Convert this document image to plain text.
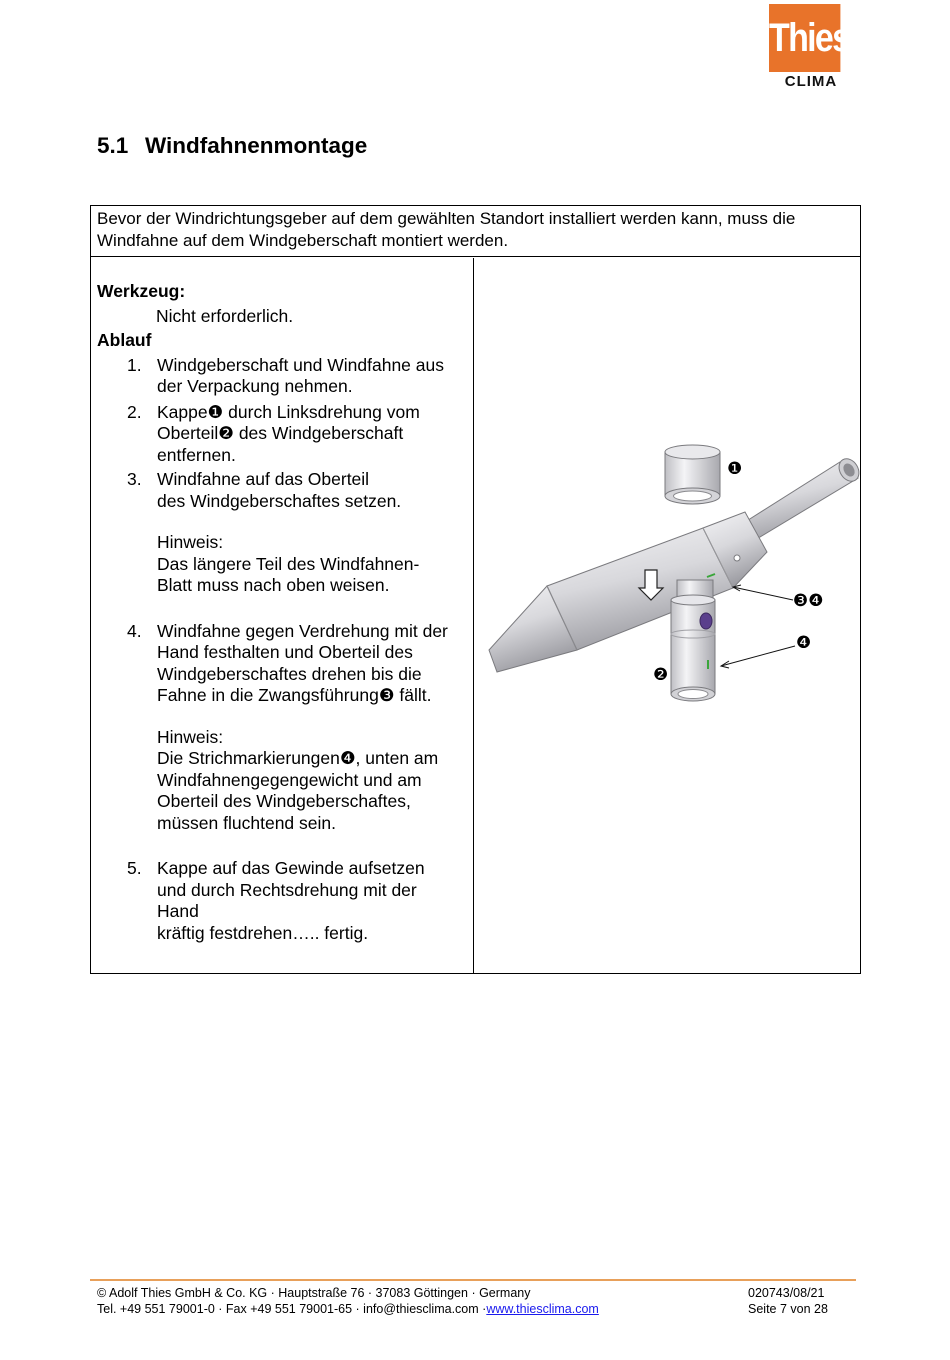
Thies
CLIMA
5.1 Windfahnenmontage
Bevor der Windrichtungsgeber auf dem gewählten Standort installiert werden kann, muss die Windfahne auf dem Windgeberschaft montiert werden.
Werkzeug:
Nicht erforderlich.
Ablauf
1. Windgeberschaft und Windfahne aus
der Verpackung nehmen.
2. Kappe❶ durch Linksdrehung vom
Oberteil❷ des Windgeberschaft
entfernen.
3. Windfahne auf das Oberteil
des Windgeberschaftes setzen.
Hinweis:
Das längere Teil des Windfahnen-
Blatt muss nach oben weisen.
4. Windfahne gegen Verdrehung mit der
Hand festhalten und Oberteil des
Windgeberschaftes drehen bis die
Fahne in die Zwangsführung❸ fällt.
Hinweis:
Die Strichmarkierungen❹, unten am
Windfahnengegengewicht und am
Oberteil des Windgeberschaftes,
müssen fluchtend sein.
5. Kappe auf das Gewinde aufsetzen
und durch Rechtsdrehung mit der
Hand
kräftig festdrehen….. fertig.
❶
❸❹
❹
❷
© Adolf Thies GmbH & Co. KG · Hauptstraße 76 · 37083 Göttingen · Germany
Tel. +49 551 79001-0 · Fax +49 551 79001-65 · info@thiesclima.com ·www.thiesclima.com
020743/08/21
Seite 7 von 28
